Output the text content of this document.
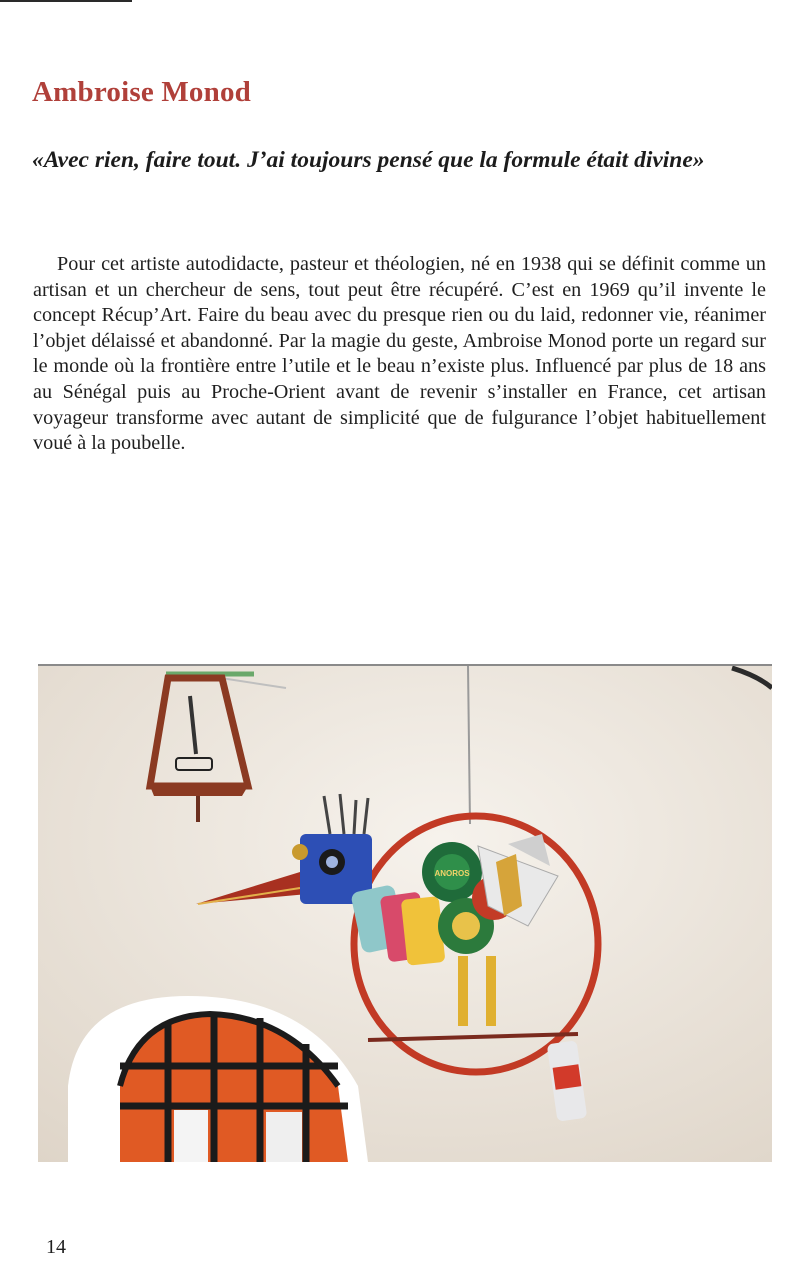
Ambroise Monod

«Avec rien, faire tout. J’ai toujours pensé que la formule était divine»

Pour cet artiste autodidacte, pasteur et théologien, né en 1938 qui se définit comme un artisan et un chercheur de sens, tout peut être récupéré. C’est en 1969 qu’il invente le concept Récup’Art. Faire du beau avec du presque rien ou du laid, redonner vie, réanimer l’objet délaissé et abandonné. Par la magie du geste, Ambroise Monod porte un regard sur le monde où la frontière entre l’utile et le beau n’existe plus. Influencé par plus de 18 ans au Sénégal puis au Proche-Orient avant de revenir s’installer en France, cet artisan voyageur transforme avec autant de simplicité que de fulgurance l’objet habituellement voué à la poubelle.

ANOROS

14
